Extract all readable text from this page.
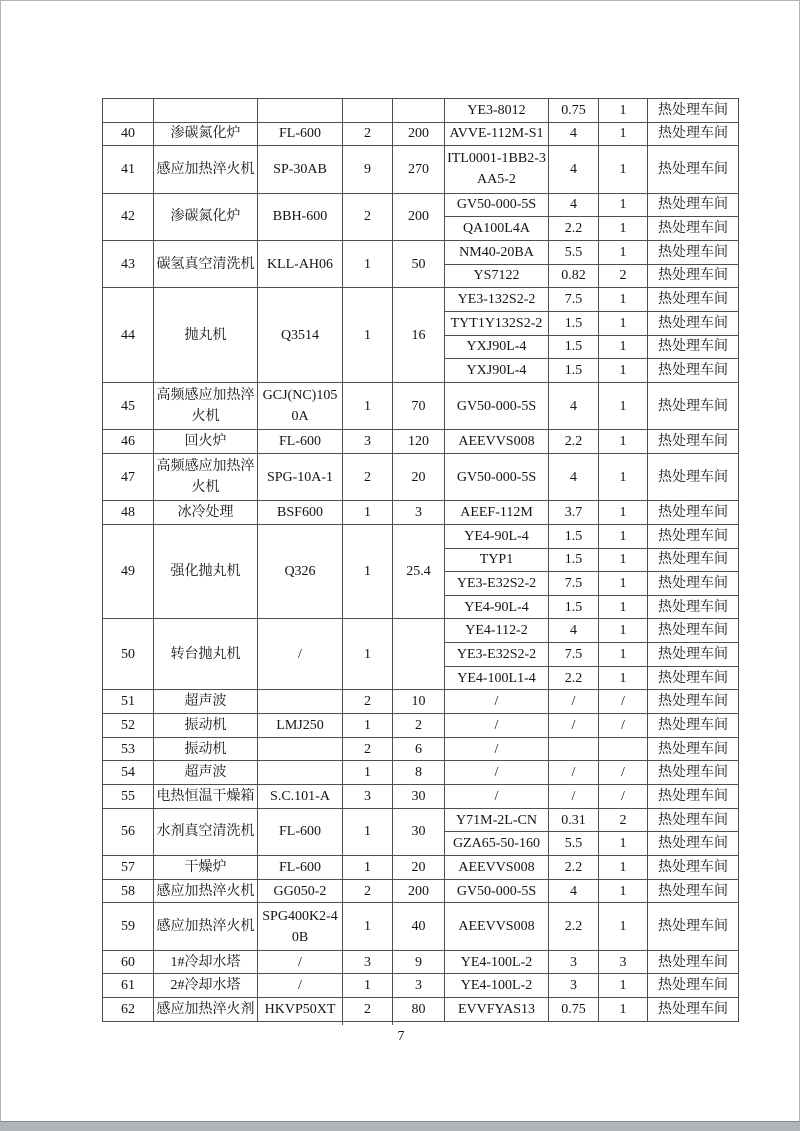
					YE3-8012	0.75	1	热处理车间
40	渗碳氮化炉	FL-600	2	200	AVVE-112M-S1	4	1	热处理车间
41	感应加热淬火机	SP-30AB	9	270	ITL0001-1BB2-3AA5-2	4	1	热处理车间
42	渗碳氮化炉	BBH-600	2	200	GV50-000-5S	4	1	热处理车间
					QA100L4A	2.2	1	热处理车间
43	碳氢真空清洗机	KLL-AH06	1	50	NM40-20BA	5.5	1	热处理车间
					YS7122	0.82	2	热处理车间
44	抛丸机	Q3514	1	16	YE3-132S2-2	7.5	1	热处理车间
					TYT1Y132S2-2	1.5	1	热处理车间
					YXJ90L-4	1.5	1	热处理车间
					YXJ90L-4	1.5	1	热处理车间
45	高频感应加热淬火机	GCJ(NC)1050A	1	70	GV50-000-5S	4	1	热处理车间
46	回火炉	FL-600	3	120	AEEVVS008	2.2	1	热处理车间
47	高频感应加热淬火机	SPG-10A-1	2	20	GV50-000-5S	4	1	热处理车间
48	冰冷处理	BSF600	1	3	AEEF-112M	3.7	1	热处理车间
49	强化抛丸机	Q326	1	25.4	YE4-90L-4	1.5	1	热处理车间
					TYP1	1.5	1	热处理车间
					YE3-E32S2-2	7.5	1	热处理车间
					YE4-90L-4	1.5	1	热处理车间
50	转台抛丸机	/	1		YE4-112-2	4	1	热处理车间
					YE3-E32S2-2	7.5	1	热处理车间
					YE4-100L1-4	2.2	1	热处理车间
51	超声波		2	10	/	/	/	热处理车间
52	振动机	LMJ250	1	2	/	/	/	热处理车间
53	振动机		2	6	/			热处理车间
54	超声波		1	8	/	/	/	热处理车间
55	电热恒温干燥箱	S.C.101-A	3	30	/	/	/	热处理车间
56	水剂真空清洗机	FL-600	1	30	Y71M-2L-CN	0.31	2	热处理车间
					GZA65-50-160	5.5	1	热处理车间
57	干燥炉	FL-600	1	20	AEEVVS008	2.2	1	热处理车间
58	感应加热淬火机	GG050-2	2	200	GV50-000-5S	4	1	热处理车间
59	感应加热淬火机	SPG400K2-40B	1	40	AEEVVS008	2.2	1	热处理车间
60	1#冷却水塔	/	3	9	YE4-100L-2	3	3	热处理车间
61	2#冷却水塔	/	1	3	YE4-100L-2	3	1	热处理车间
62	感应加热淬火剂	HKVP50XT	2	80	EVVFYAS13	0.75	1	热处理车间
7
